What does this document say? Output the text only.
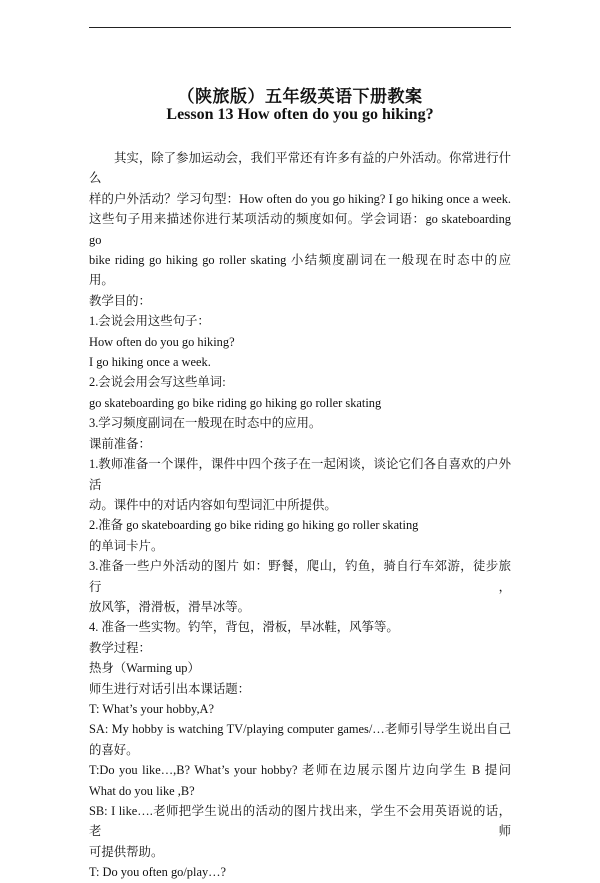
（陕旅版）五年级英语下册教案
Lesson 13 How often do you go hiking?

其实，除了参加运动会，我们平常还有许多有益的户外活动。你常进行什么

样的户外活动？学习句型：How often do you go hiking? I go hiking once a week.

这些句子用来描述你进行某项活动的频度如何。学会词语：go skateboarding go

bike riding go hiking go roller skating 小结频度副词在一般现在时态中的应

用。

教学目的：

1.会说会用这些句子：

How often do you go hiking?

I go hiking once a week.

2.会说会用会写这些单词:

go skateboarding go bike riding go hiking go roller skating

3.学习频度副词在一般现在时态中的应用。

课前准备：

1.教师准备一个课件，课件中四个孩子在一起闲谈，谈论它们各自喜欢的户外活

动。课件中的对话内容如句型词汇中所提供。

2.准备 go skateboarding go bike riding go hiking go roller skating

的单词卡片。

3.准备一些户外活动的图片 如：野餐，爬山，钓鱼，骑自行车郊游，徒步旅行，

放风筝，滑滑板，滑旱冰等。

4. 准备一些实物。钓竿，背包，滑板，旱冰鞋，风筝等。

教学过程：

热身（Warming up）

师生进行对话引出本课话题：

T: What’s your hobby,A?

SA: My hobby is watching TV/playing computer games/…老师引导学生说出自己

的喜好。

T:Do you like…,B? What’s your hobby? 老师在边展示图片边向学生 B 提问

What do you like ,B?

SB: I like….老师把学生说出的活动的图片找出来，学生不会用英语说的话，老师

可提供帮助。

T: Do you often go/play…?
